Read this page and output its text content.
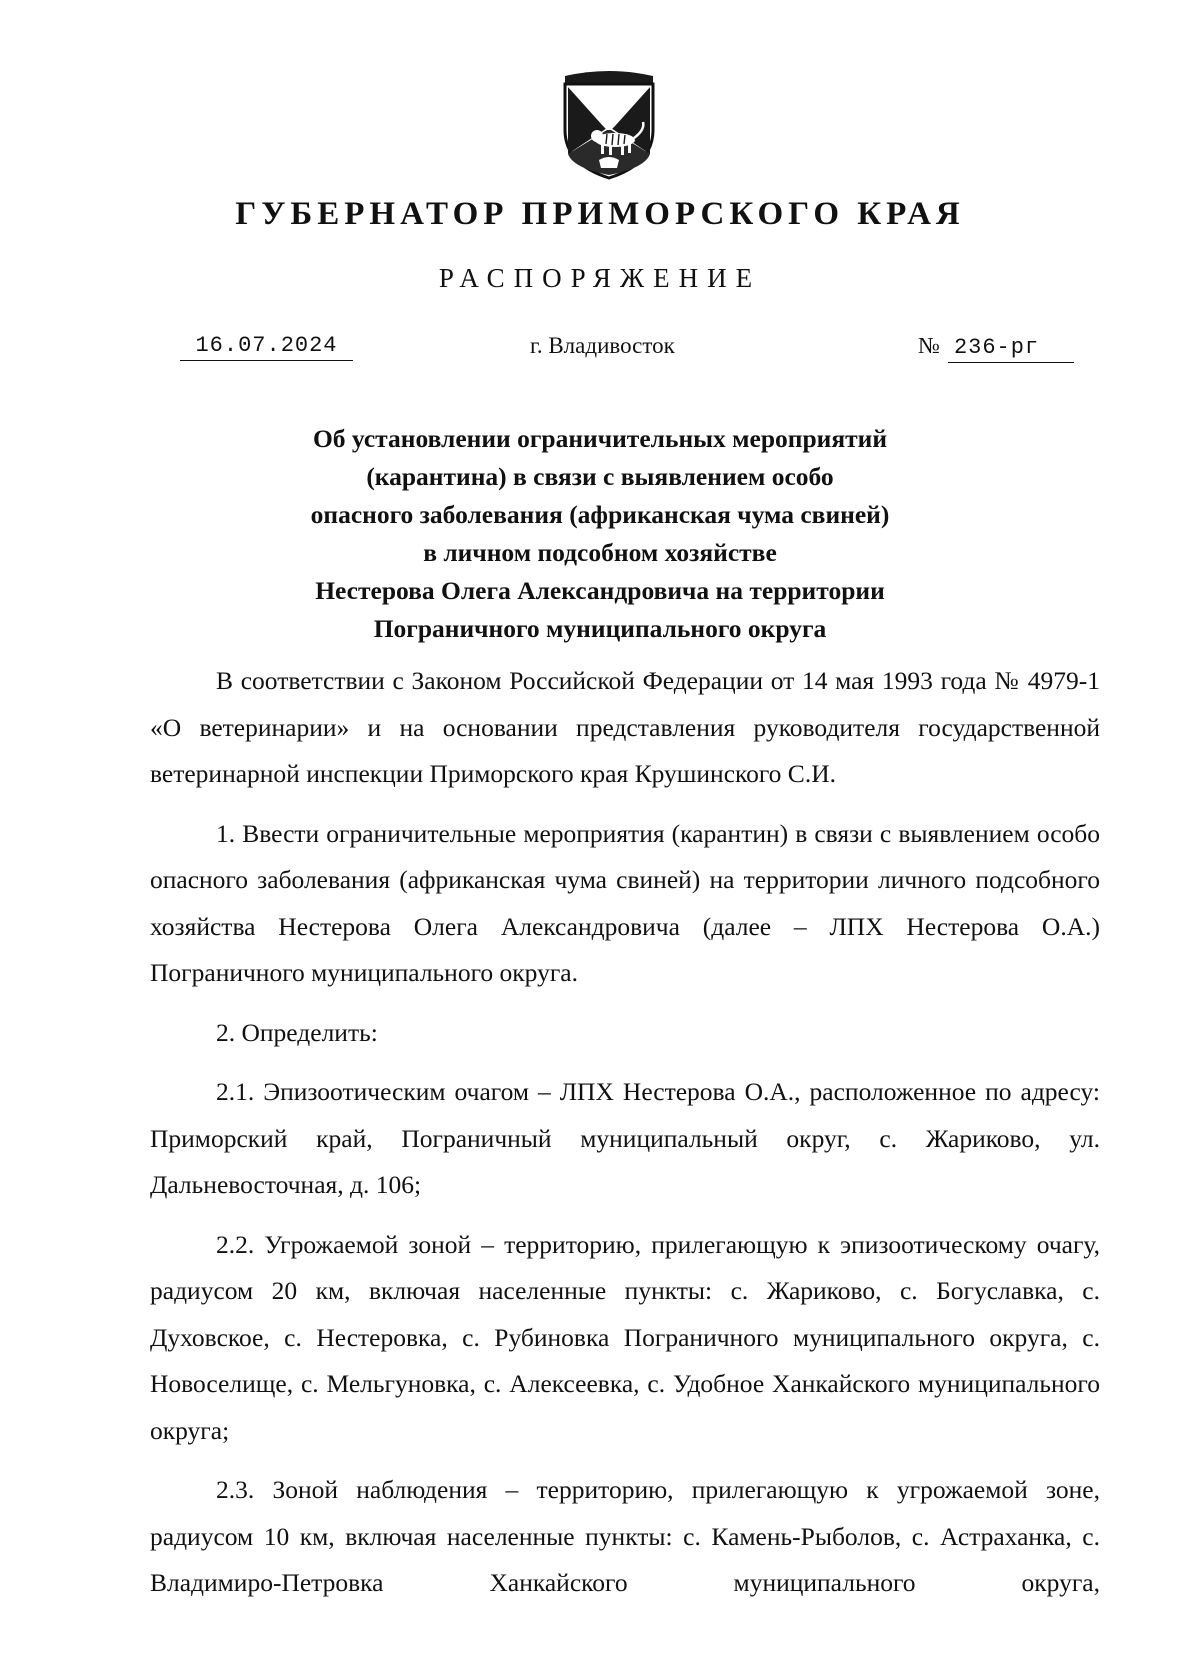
ГУБЕРНАТОР ПРИМОРСКОГО КРАЯ
РАСПОРЯЖЕНИЕ
16.07.2024	г. Владивосток	№ 236-рг
Об установлении ограничительных мероприятий
(карантина) в связи с выявлением особо
опасного заболевания (африканская чума свиней)
в личном подсобном хозяйстве
Нестерова Олега Александровича на территории
Пограничного муниципального округа

В соответствии с Законом Российской Федерации от 14 мая 1993 года № 4979-1 «О ветеринарии» и на основании представления руководителя государственной ветеринарной инспекции Приморского края Крушинского С.И.

1. Ввести ограничительные мероприятия (карантин) в связи с выявлением особо опасного заболевания (африканская чума свиней) на территории личного подсобного хозяйства Нестерова Олега Александровича (далее – ЛПХ Нестерова О.А.) Пограничного муниципального округа.

2. Определить:

2.1. Эпизоотическим очагом – ЛПХ Нестерова О.А., расположенное по адресу: Приморский край, Пограничный муниципальный округ, с. Жариково, ул. Дальневосточная, д. 106;

2.2. Угрожаемой зоной – территорию, прилегающую к эпизоотическому очагу, радиусом 20 км, включая населенные пункты: с. Жариково, с. Богуславка, с. Духовское, с. Нестеровка, с. Рубиновка Пограничного муниципального округа, с. Новоселище, с. Мельгуновка, с. Алексеевка, с. Удобное Ханкайского муниципального округа;

2.3. Зоной наблюдения – территорию, прилегающую к угрожаемой зоне, радиусом 10 км, включая населенные пункты: с. Камень-Рыболов, с. Астраханка, с. Владимиро-Петровка Ханкайского муниципального округа,
